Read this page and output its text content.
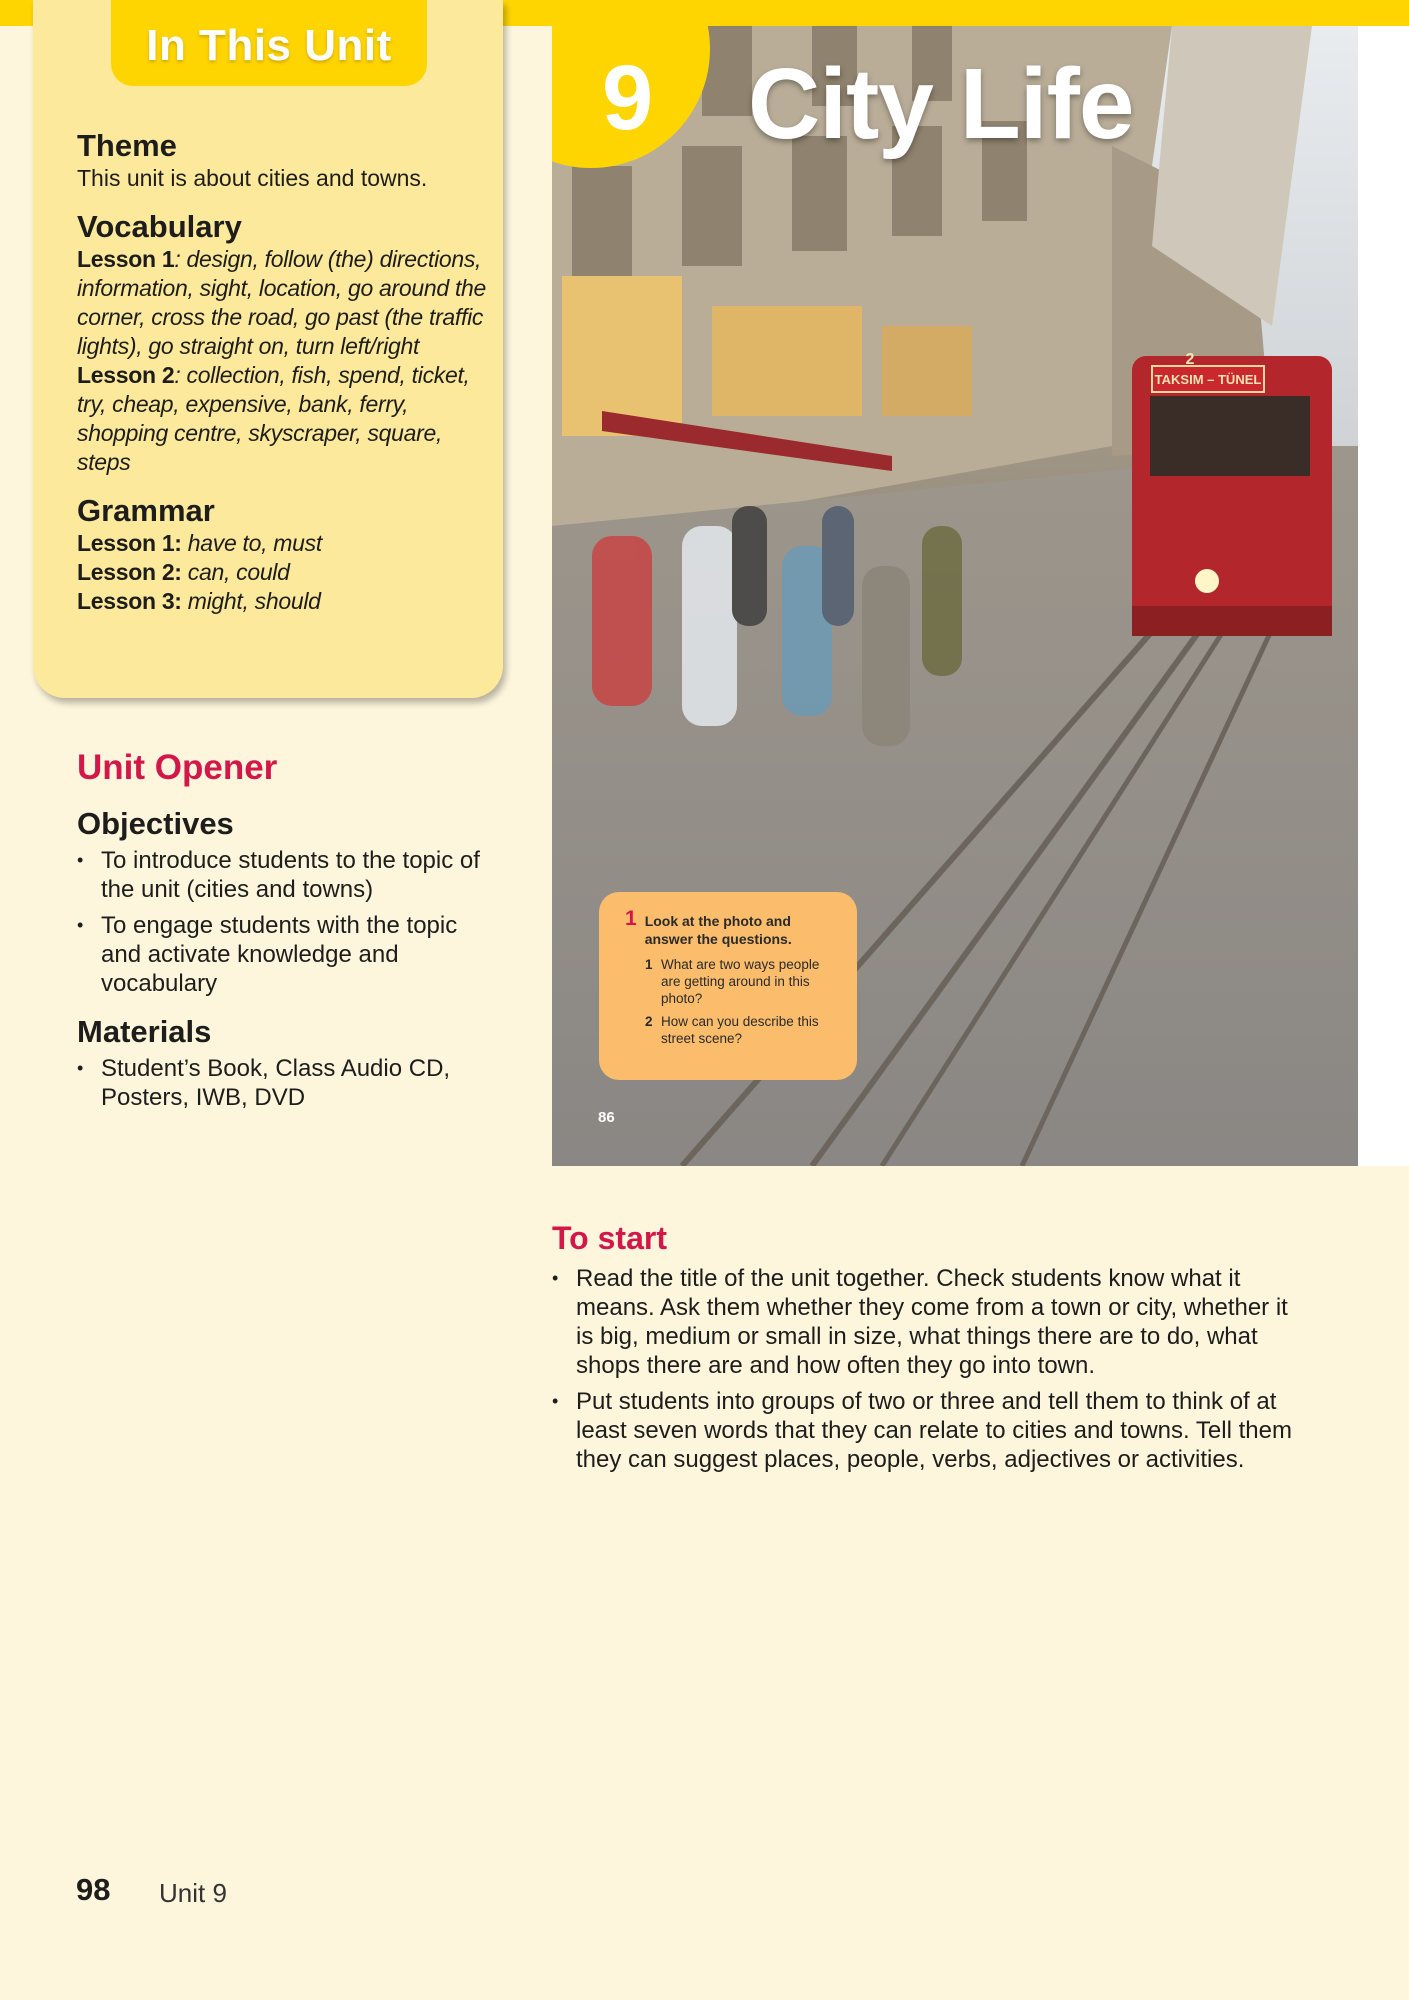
In This Unit

Theme

This unit is about cities and towns.

Vocabulary

Lesson 1: design, follow (the) directions, information, sight, location, go around the corner, cross the road, go past (the traffic lights), go straight on, turn left/right

Lesson 2: collection, fish, spend, ticket, try, cheap, expensive, bank, ferry, shopping centre, skyscraper, square, steps

Grammar

Lesson 1: have to, must

Lesson 2: can, could

Lesson 3: might, should

Unit Opener

Objectives

• To introduce students to the topic of the unit (cities and towns)
• To engage students with the topic and activate knowledge and vocabulary

Materials

• Student’s Book, Class Audio CD, Posters, IWB, DVD
TAKSIM – TÜNEL
2
9 City Life
1 Look at the photo and answer the questions.
1 What are two ways people are getting around in this photo?
2 How can you describe this street scene?
86

To start

• Read the title of the unit together. Check students know what it means. Ask them whether they come from a town or city, whether it is big, medium or small in size, what things there are to do, what shops there are and how often they go into town.
• Put students into groups of two or three and tell them to think of at least seven words that they can relate to cities and towns. Tell them they can suggest places, people, verbs, adjectives or activities.
98 Unit 9
